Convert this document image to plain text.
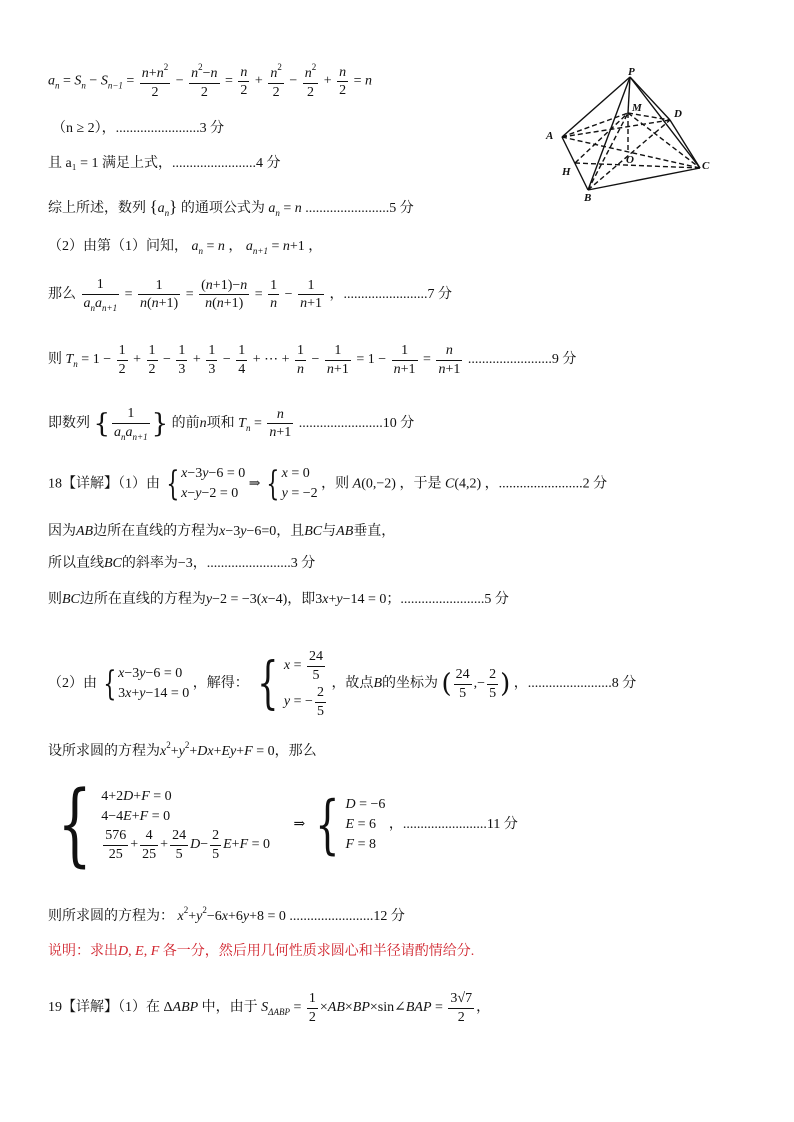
$a_n = S_n - S_{n-1} = \frac{n+n^2}{2} - \frac{n^2-n}{2} = \frac{n}{2} + \frac{n^2}{2} - \frac{n^2}{2} + \frac{n}{2} = n$
（n ≥ 2），........................3 分
且 a₁ = 1 满足上式，........................4 分
综上所述，数列 $\{a_n\}$ 的通项公式为 $a_n = n$ ........................5 分
（2）由第（1）问知， $a_n = n$ ， $a_{n+1} = n+1$ ，
那么
1
$a_na_{n+1}$
= $\frac{1}{n(n+1)} = \frac{(n+1)-n}{n(n+1)} = \frac{1}{n} - \frac{1}{n+1}$ ，........................7 分
则 $T_n = 1 - \frac{1}{2} + \frac{1}{2} - \frac{1}{3} + \frac{1}{3} - \frac{1}{4}$ + ⋯ + $\frac{1}{n} - \frac{1}{n+1} = 1 - \frac{1}{n+1} = \frac{n}{n+1} ........................9$ 分
即数列 {	1
$a_na_{n+1}$ } 的前n项和 $T_n = \frac{n}{n+1} ........................10$ 分
18【详解】（1）由 { x−3y−6 = 0
x−y−2 = 0
⇒ { x = 0
y = −2
，则 A(0,−2) ，于是 C(4,2) ，........................2 分
因为AB边所在直线的方程为x−3y−6=0，且BC与AB垂直，
所以直线BC的斜率为−3，........................3 分
则BC边所在直线的方程为y−2 = −3(x−4)，即3x+y−14 = 0；........................5 分
（2）由 { x−3y−6 = 0
3x+y−14 = 0
，解得： { $x = \frac{24}{5}$
y = − $\frac{2}{5}$
，故点B的坐标为 ( $\frac{24}{5}$ ,− $\frac{2}{5}$ ) ，........................8 分
设所求圆的方程为$x^2+y^2+Dx+Ey+F = 0$，那么
{ 4+2D+F = 0
4−4E+F = 0
$\frac{576}{25} + \frac{4}{25} + \frac{24}{5} D- \frac{2}{5} E+F = 0$
⇒ { D = −6
E = 6
F = 8
，........................11 分
则所求圆的方程为： $x^2+y^2-6x+6y+8 = 0$ ........................12 分
说明：求出D, E, F 各一分，然后用几何性质求圆心和半径请酌情给分.
19【详解】（1）在 ΔABP 中，由于 $S_{\Delta ABP} = \frac{1}{2}$ ×AB×BP×sin∠BAP = $\frac{3√7}{2}$ ，
P
M	D
A
O	C
H
B
